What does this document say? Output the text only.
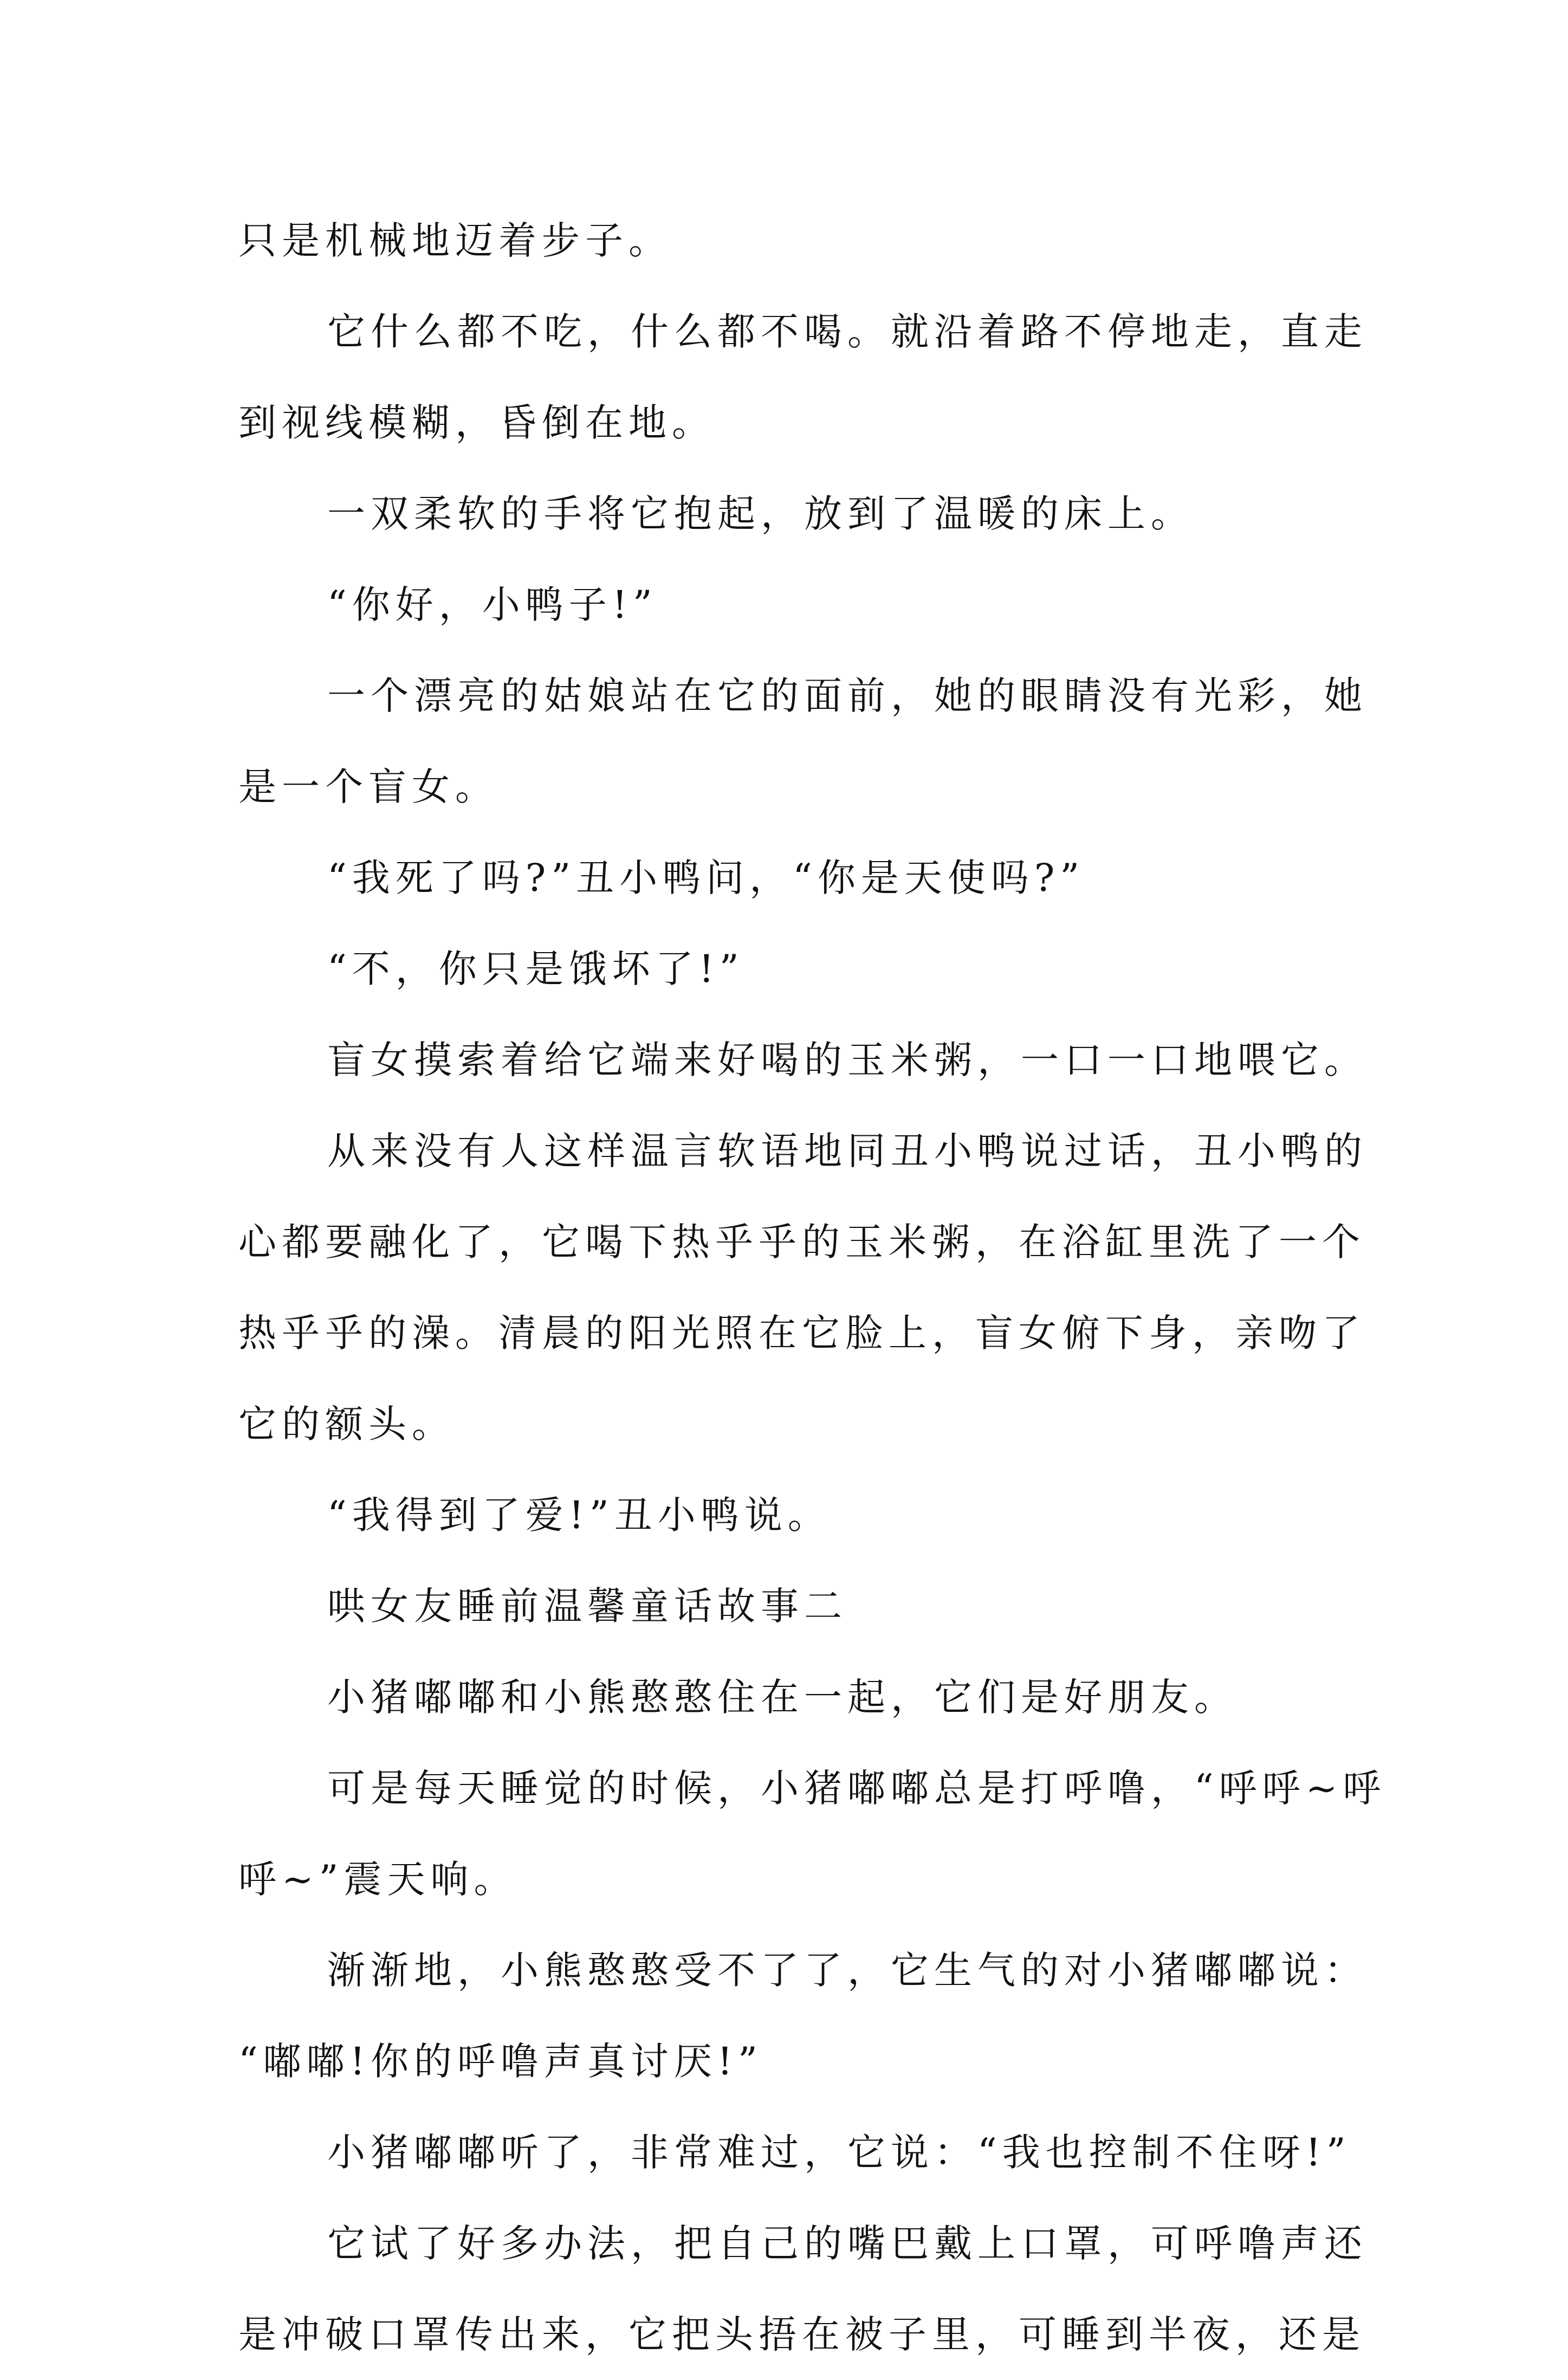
只是机械地迈着步子。
它什么都不吃，什么都不喝。就沿着路不停地走，直走
到视线模糊，昏倒在地。
一双柔软的手将它抱起，放到了温暖的床上。
“你好，小鸭子!”
一个漂亮的姑娘站在它的面前，她的眼睛没有光彩，她
是一个盲女。
“我死了吗?”丑小鸭问，“你是天使吗?”
“不，你只是饿坏了!”
盲女摸索着给它端来好喝的玉米粥，一口一口地喂它。
从来没有人这样温言软语地同丑小鸭说过话，丑小鸭的
心都要融化了，它喝下热乎乎的玉米粥，在浴缸里洗了一个
热乎乎的澡。清晨的阳光照在它脸上，盲女俯下身，亲吻了
它的额头。
“我得到了爱!”丑小鸭说。
哄女友睡前温馨童话故事二
小猪嘟嘟和小熊憨憨住在一起，它们是好朋友。
可是每天睡觉的时候，小猪嘟嘟总是打呼噜，“呼呼~呼
呼~”震天响。
渐渐地，小熊憨憨受不了了，它生气的对小猪嘟嘟说：
“嘟嘟!你的呼噜声真讨厌!”
小猪嘟嘟听了，非常难过，它说：“我也控制不住呀!”
它试了好多办法，把自己的嘴巴戴上口罩，可呼噜声还
是冲破口罩传出来，它把头捂在被子里，可睡到半夜，还是
